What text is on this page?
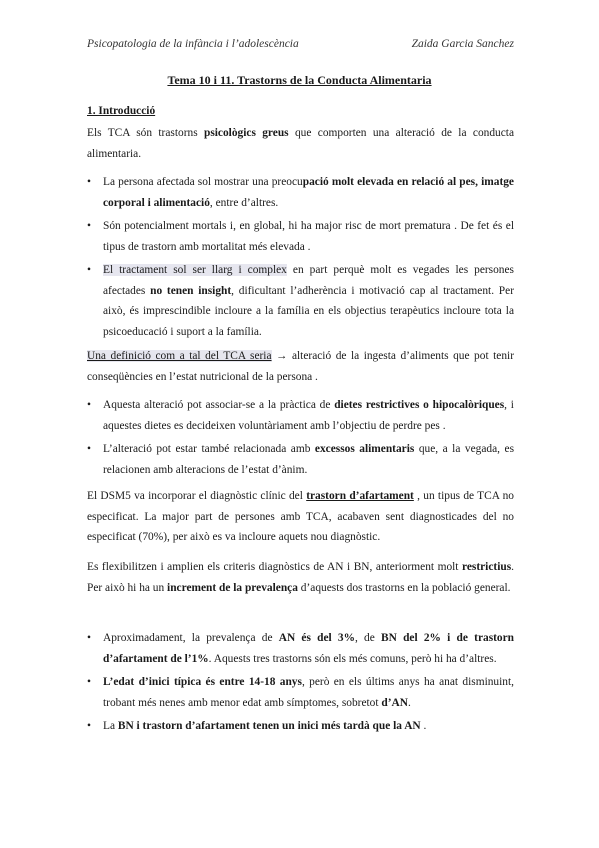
Psicopatologia de la infància i l’adolescència	Zaida Garcia Sanchez
Tema 10 i 11. Trastorns de la Conducta Alimentaria
1. Introducció

Els TCA són trastorns psicològics greus que comporten una alteració de la conducta alimentaria.

• La persona afectada sol mostrar una preocupació molt elevada en relació al pes, imatge corporal i alimentació, entre d’altres.
• Són potencialment mortals i, en global, hi ha major risc de mort prematura . De fet és el tipus de trastorn amb mortalitat més elevada .
• El tractament sol ser llarg i complex en part perquè molt es vegades les persones afectades no tenen insight, dificultant l’adherència i motivació cap al tractament. Per això, és imprescindible incloure a la família en els objectius terapèutics incloure tota la psicoeducació i suport a la família.

Una definició com a tal del TCA seria → alteració de la ingesta d’aliments que pot tenir conseqüències en l’estat nutricional de la persona .

• Aquesta alteració pot associar-se a la pràctica de dietes restrictives o hipocalòriques, i aquestes dietes es decideixen voluntàriament amb l’objectiu de perdre pes .
• L’alteració pot estar també relacionada amb excessos alimentaris que, a la vegada, es relacionen amb alteracions de l’estat d’ànim.

El DSM5 va incorporar el diagnòstic clínic del trastorn d’afartament , un tipus de TCA no especificat. La major part de persones amb TCA, acabaven sent diagnosticades del no especificat (70%), per això es va incloure aquets nou diagnòstic.

Es flexibilitzen i amplien els criteris diagnòstics de AN i BN, anteriorment molt restrictius. Per això hi ha un increment de la prevalença d’aquests dos trastorns en la població general.

• Aproximadament, la prevalença de AN és del 3%, de BN del 2% i de trastorn d’afartament de l’1%. Aquests tres trastorns són els més comuns, però hi ha d’altres.
• L’edat d’inici típica és entre 14-18 anys, però en els últims anys ha anat disminuint, trobant més nenes amb menor edat amb símptomes, sobretot d’AN.
• La BN i trastorn d’afartament tenen un inici més tardà que la AN .
